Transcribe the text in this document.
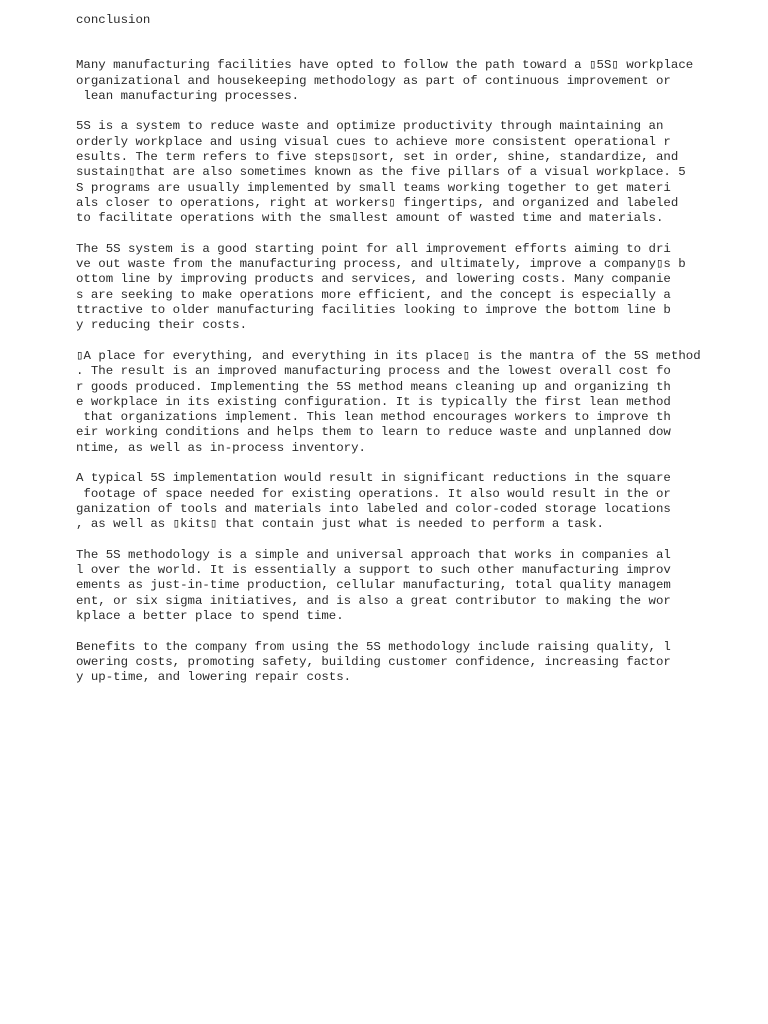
conclusion
Many manufacturing facilities have opted to follow the path toward a ▯5S▯ workplace
organizational and housekeeping methodology as part of continuous improvement or
lean manufacturing processes.
5S is a system to reduce waste and optimize productivity through maintaining an
orderly workplace and using visual cues to achieve more consistent operational r
esults. The term refers to five steps▯sort, set in order, shine, standardize, and
sustain▯that are also sometimes known as the five pillars of a visual workplace. 5
S programs are usually implemented by small teams working together to get materi
als closer to operations, right at workers▯ fingertips, and organized and labeled
to facilitate operations with the smallest amount of wasted time and materials.
The 5S system is a good starting point for all improvement efforts aiming to dri
ve out waste from the manufacturing process, and ultimately, improve a company▯s b
ottom line by improving products and services, and lowering costs. Many companie
s are seeking to make operations more efficient, and the concept is especially a
ttractive to older manufacturing facilities looking to improve the bottom line b
y reducing their costs.
▯A place for everything, and everything in its place▯ is the mantra of the 5S method
. The result is an improved manufacturing process and the lowest overall cost fo
r goods produced. Implementing the 5S method means cleaning up and organizing th
e workplace in its existing configuration. It is typically the first lean method
that organizations implement. This lean method encourages workers to improve th
eir working conditions and helps them to learn to reduce waste and unplanned dow
ntime, as well as in-process inventory.
A typical 5S implementation would result in significant reductions in the square
footage of space needed for existing operations. It also would result in the or
ganization of tools and materials into labeled and color-coded storage locations
, as well as ▯kits▯ that contain just what is needed to perform a task.
The 5S methodology is a simple and universal approach that works in companies al
l over the world. It is essentially a support to such other manufacturing improv
ements as just-in-time production, cellular manufacturing, total quality managem
ent, or six sigma initiatives, and is also a great contributor to making the wor
kplace a better place to spend time.
Benefits to the company from using the 5S methodology include raising quality, l
owering costs, promoting safety, building customer confidence, increasing factor
y up-time, and lowering repair costs.
